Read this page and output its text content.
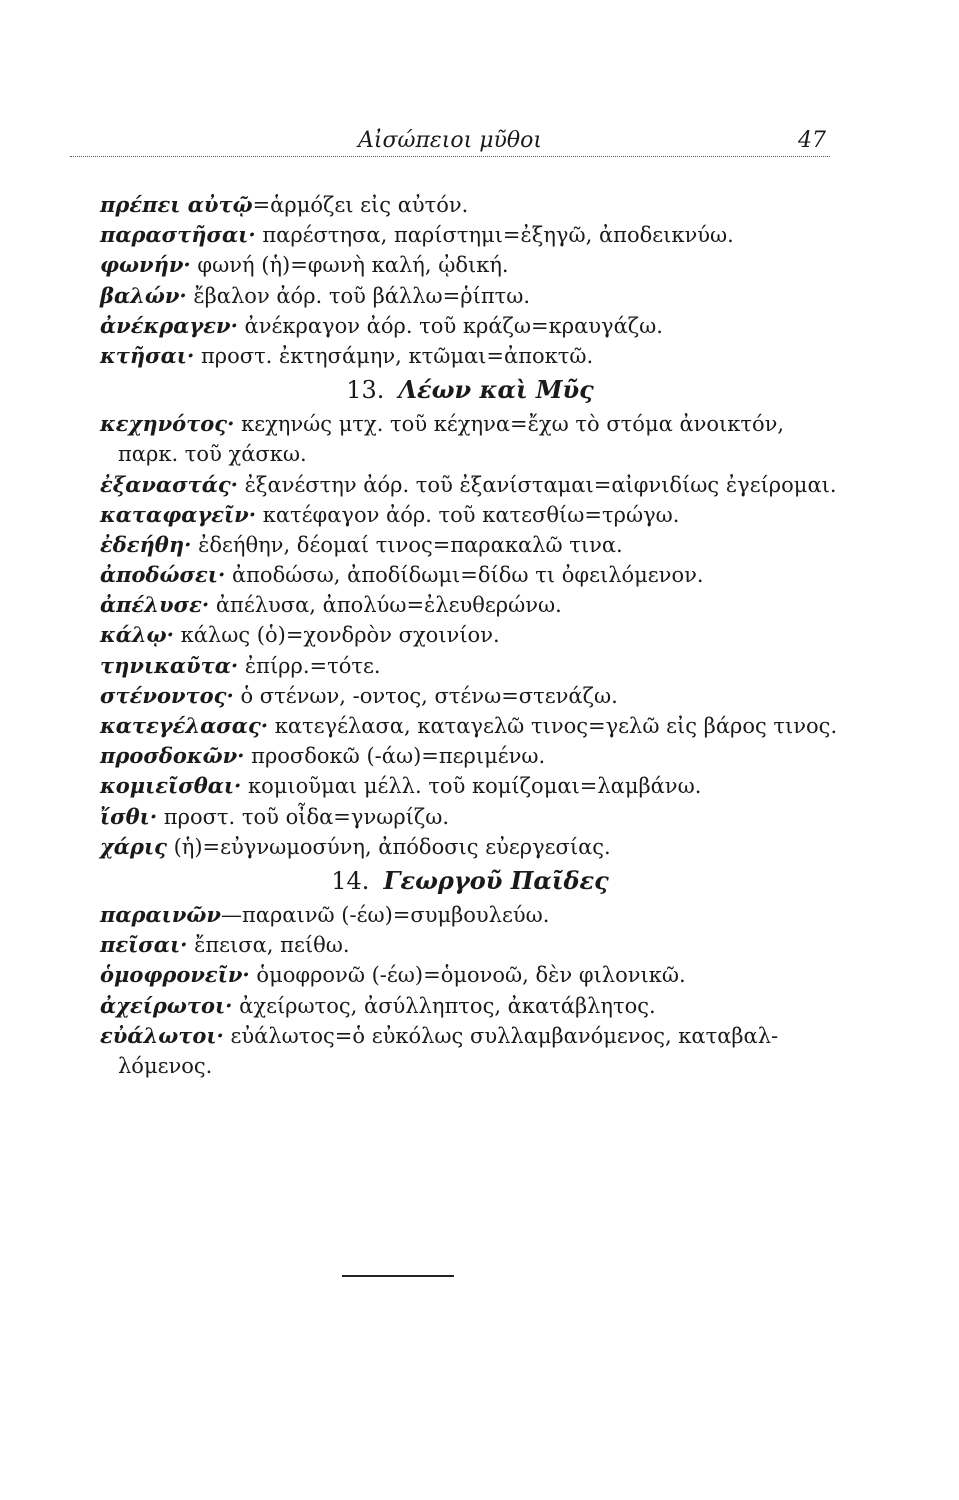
Αἰσώπειοι μῦθοι	47
πρέπει αὐτῷ=ἁρμόζει εἰς αὐτόν.
παραστῆσαι· παρέστησα, παρίστημι=ἐξηγῶ, ἀποδεικνύω.
φωνήν· φωνή (ἡ)=φωνὴ καλή, ᾠδική.
βαλών· ἔβαλον ἀόρ. τοῦ βάλλω=ῥίπτω.
ἀνέκραγεν· ἀνέκραγον ἀόρ. τοῦ κράζω=κραυγάζω.
κτῆσαι· προστ. ἐκτησάμην, κτῶμαι=ἀποκτῶ.
13. Λέων καὶ Μῦς
κεχηνότος· κεχηνώς μτχ. τοῦ κέχηνα=ἔχω τὸ στόμα ἀνοικτόν,
παρκ. τοῦ χάσκω.
ἐξαναστάς· ἐξανέστην ἀόρ. τοῦ ἐξανίσταμαι=αἰφνιδίως ἐγείρομαι.
καταφαγεῖν· κατέφαγον ἀόρ. τοῦ κατεσθίω=τρώγω.
ἐδεήθη· ἐδεήθην, δέομαί τινος=παρακαλῶ τινα.
ἀποδώσει· ἀποδώσω, ἀποδίδωμι=δίδω τι ὀφειλόμενον.
ἀπέλυσε· ἀπέλυσα, ἀπολύω=ἐλευθερώνω.
κάλῳ· κάλως (ὁ)=χονδρὸν σχοινίον.
τηνικαῦτα· ἐπίρρ.=τότε.
στένοντος· ὁ στένων, -οντος, στένω=στενάζω.
κατεγέλασας· κατεγέλασα, καταγελῶ τινος=γελῶ εἰς βάρος τινος.
προσδοκῶν· προσδοκῶ (-άω)=περιμένω.
κομιεῖσθαι· κομιοῦμαι μέλλ. τοῦ κομίζομαι=λαμβάνω.
ἴσθι· προστ. τοῦ οἶδα=γνωρίζω.
χάρις (ἡ)=εὐγνωμοσύνη, ἀπόδοσις εὐεργεσίας.
14. Γεωργοῦ Παῖδες
παραινῶν—παραινῶ (-έω)=συμβουλεύω.
πεῖσαι· ἔπεισα, πείθω.
ὁμοφρονεῖν· ὁμοφρονῶ (-έω)=ὁμονοῶ, δὲν φιλονικῶ.
ἀχείρωτοι· ἀχείρωτος, ἀσύλληπτος, ἀκατάβλητος.
εὐάλωτοι· εὐάλωτος=ὁ εὐκόλως συλλαμβανόμενος, καταβαλ-
λόμενος.
